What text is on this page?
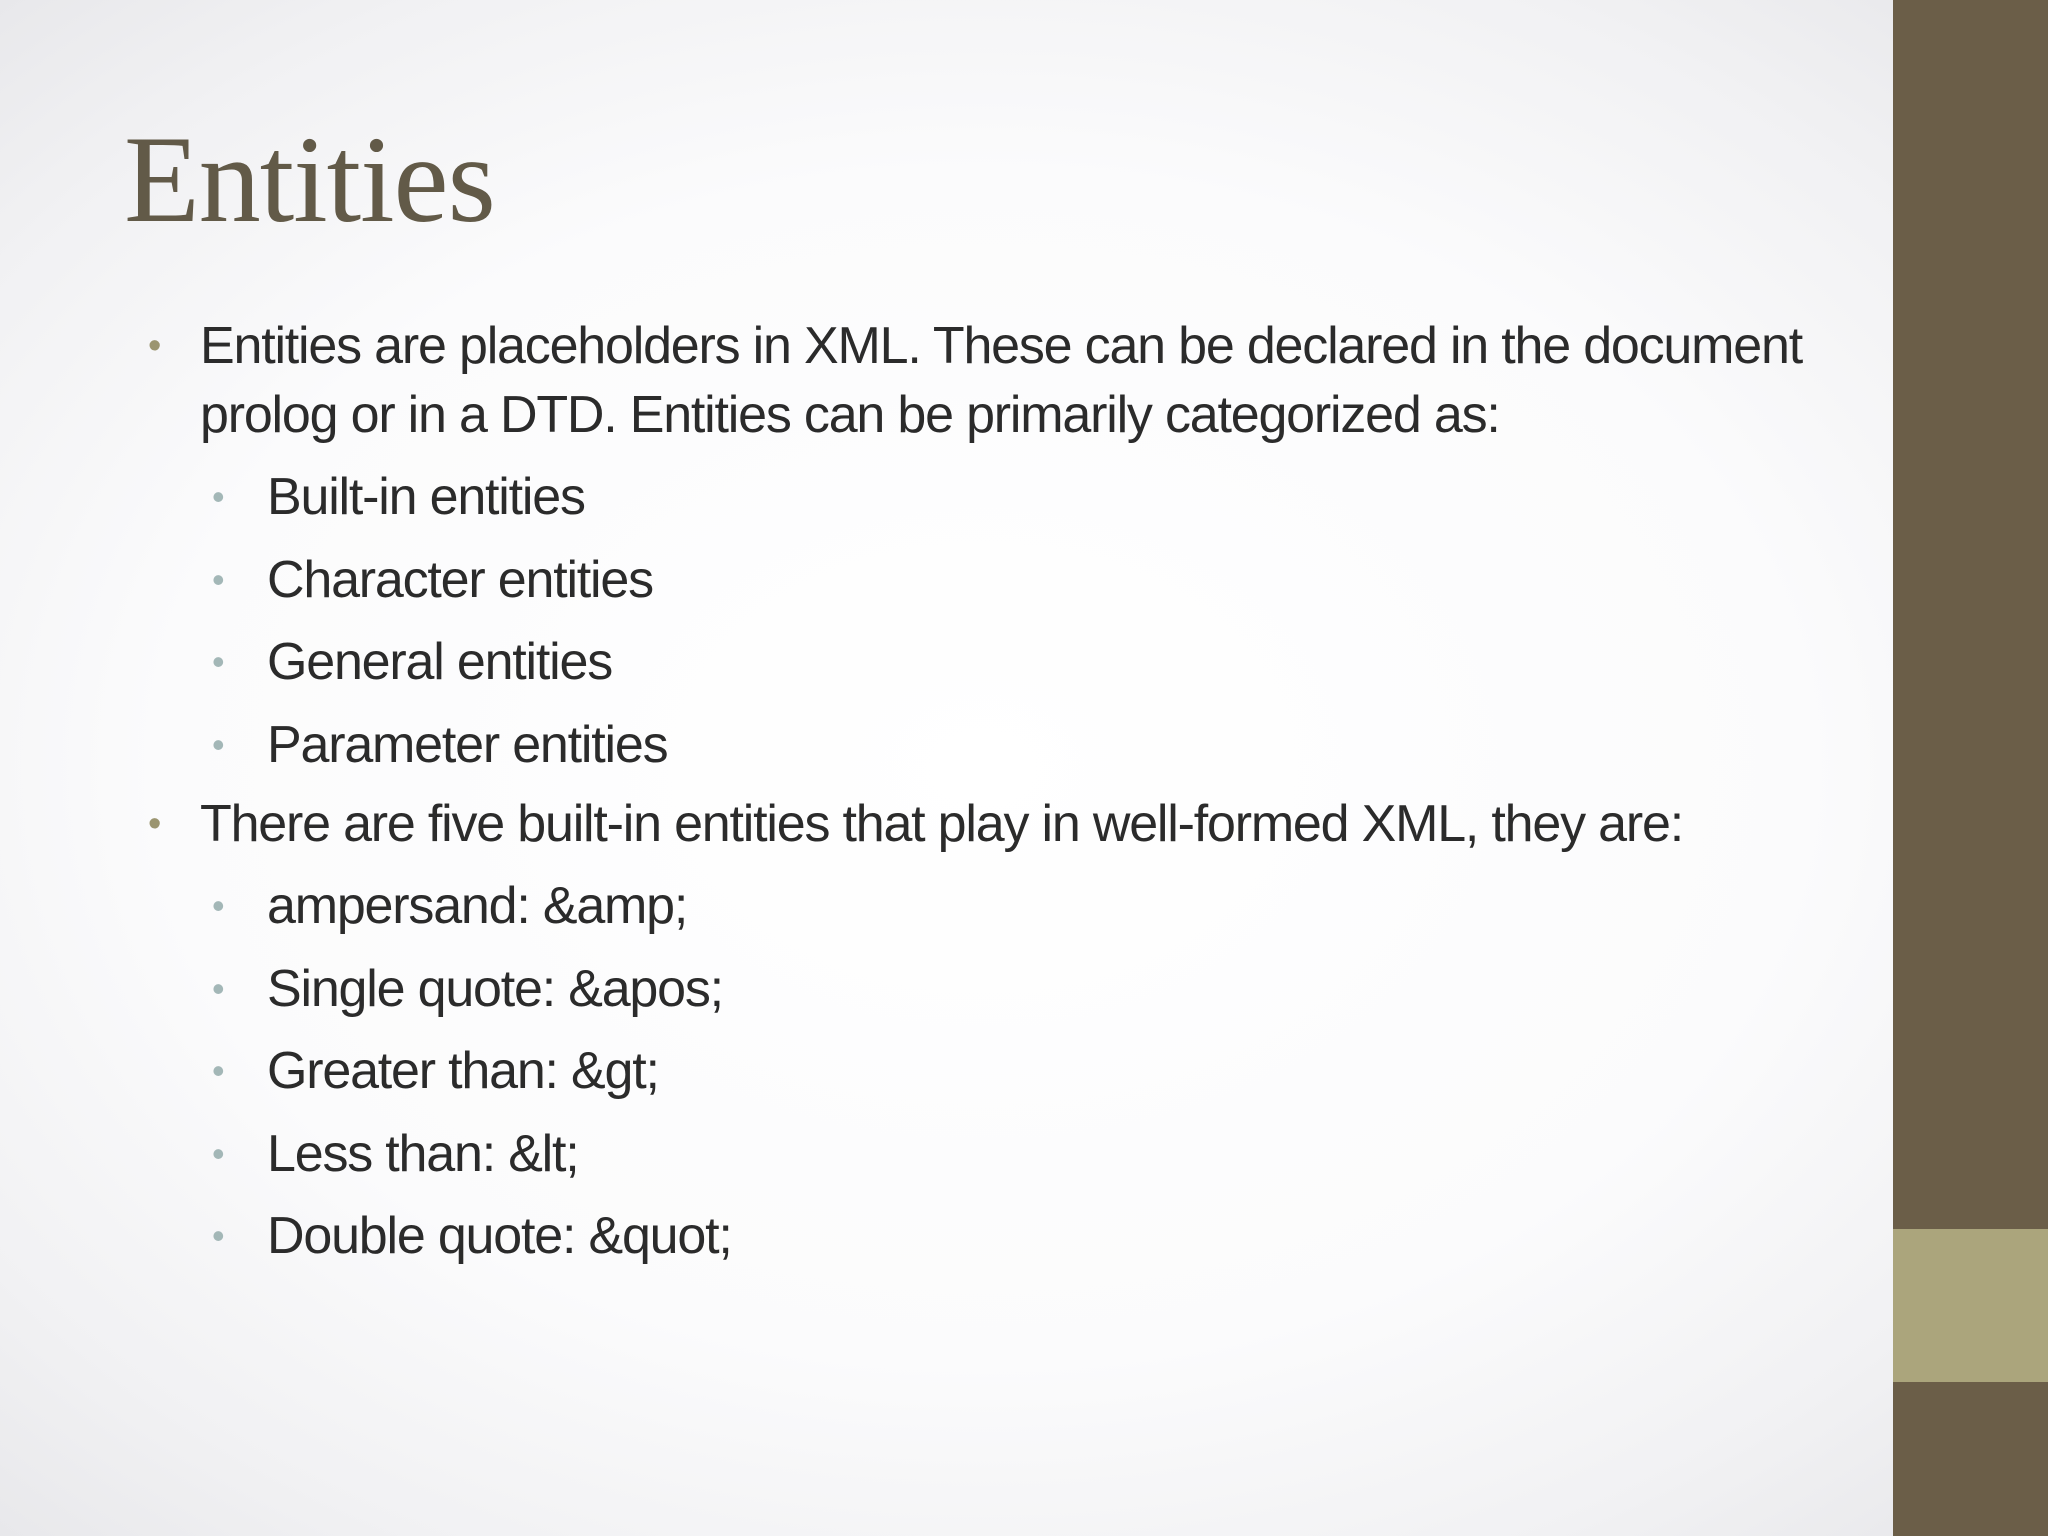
Entities
• Entities are placeholders in XML. These can be declared in the document prolog or in a DTD. Entities can be primarily categorized as:
• Built-in entities
• Character entities
• General entities
• Parameter entities
• There are five built-in entities that play in well-formed XML, they are:
• ampersand: &amp;
• Single quote: &apos;
• Greater than: &gt;
• Less than: &lt;
• Double quote: &quot;
